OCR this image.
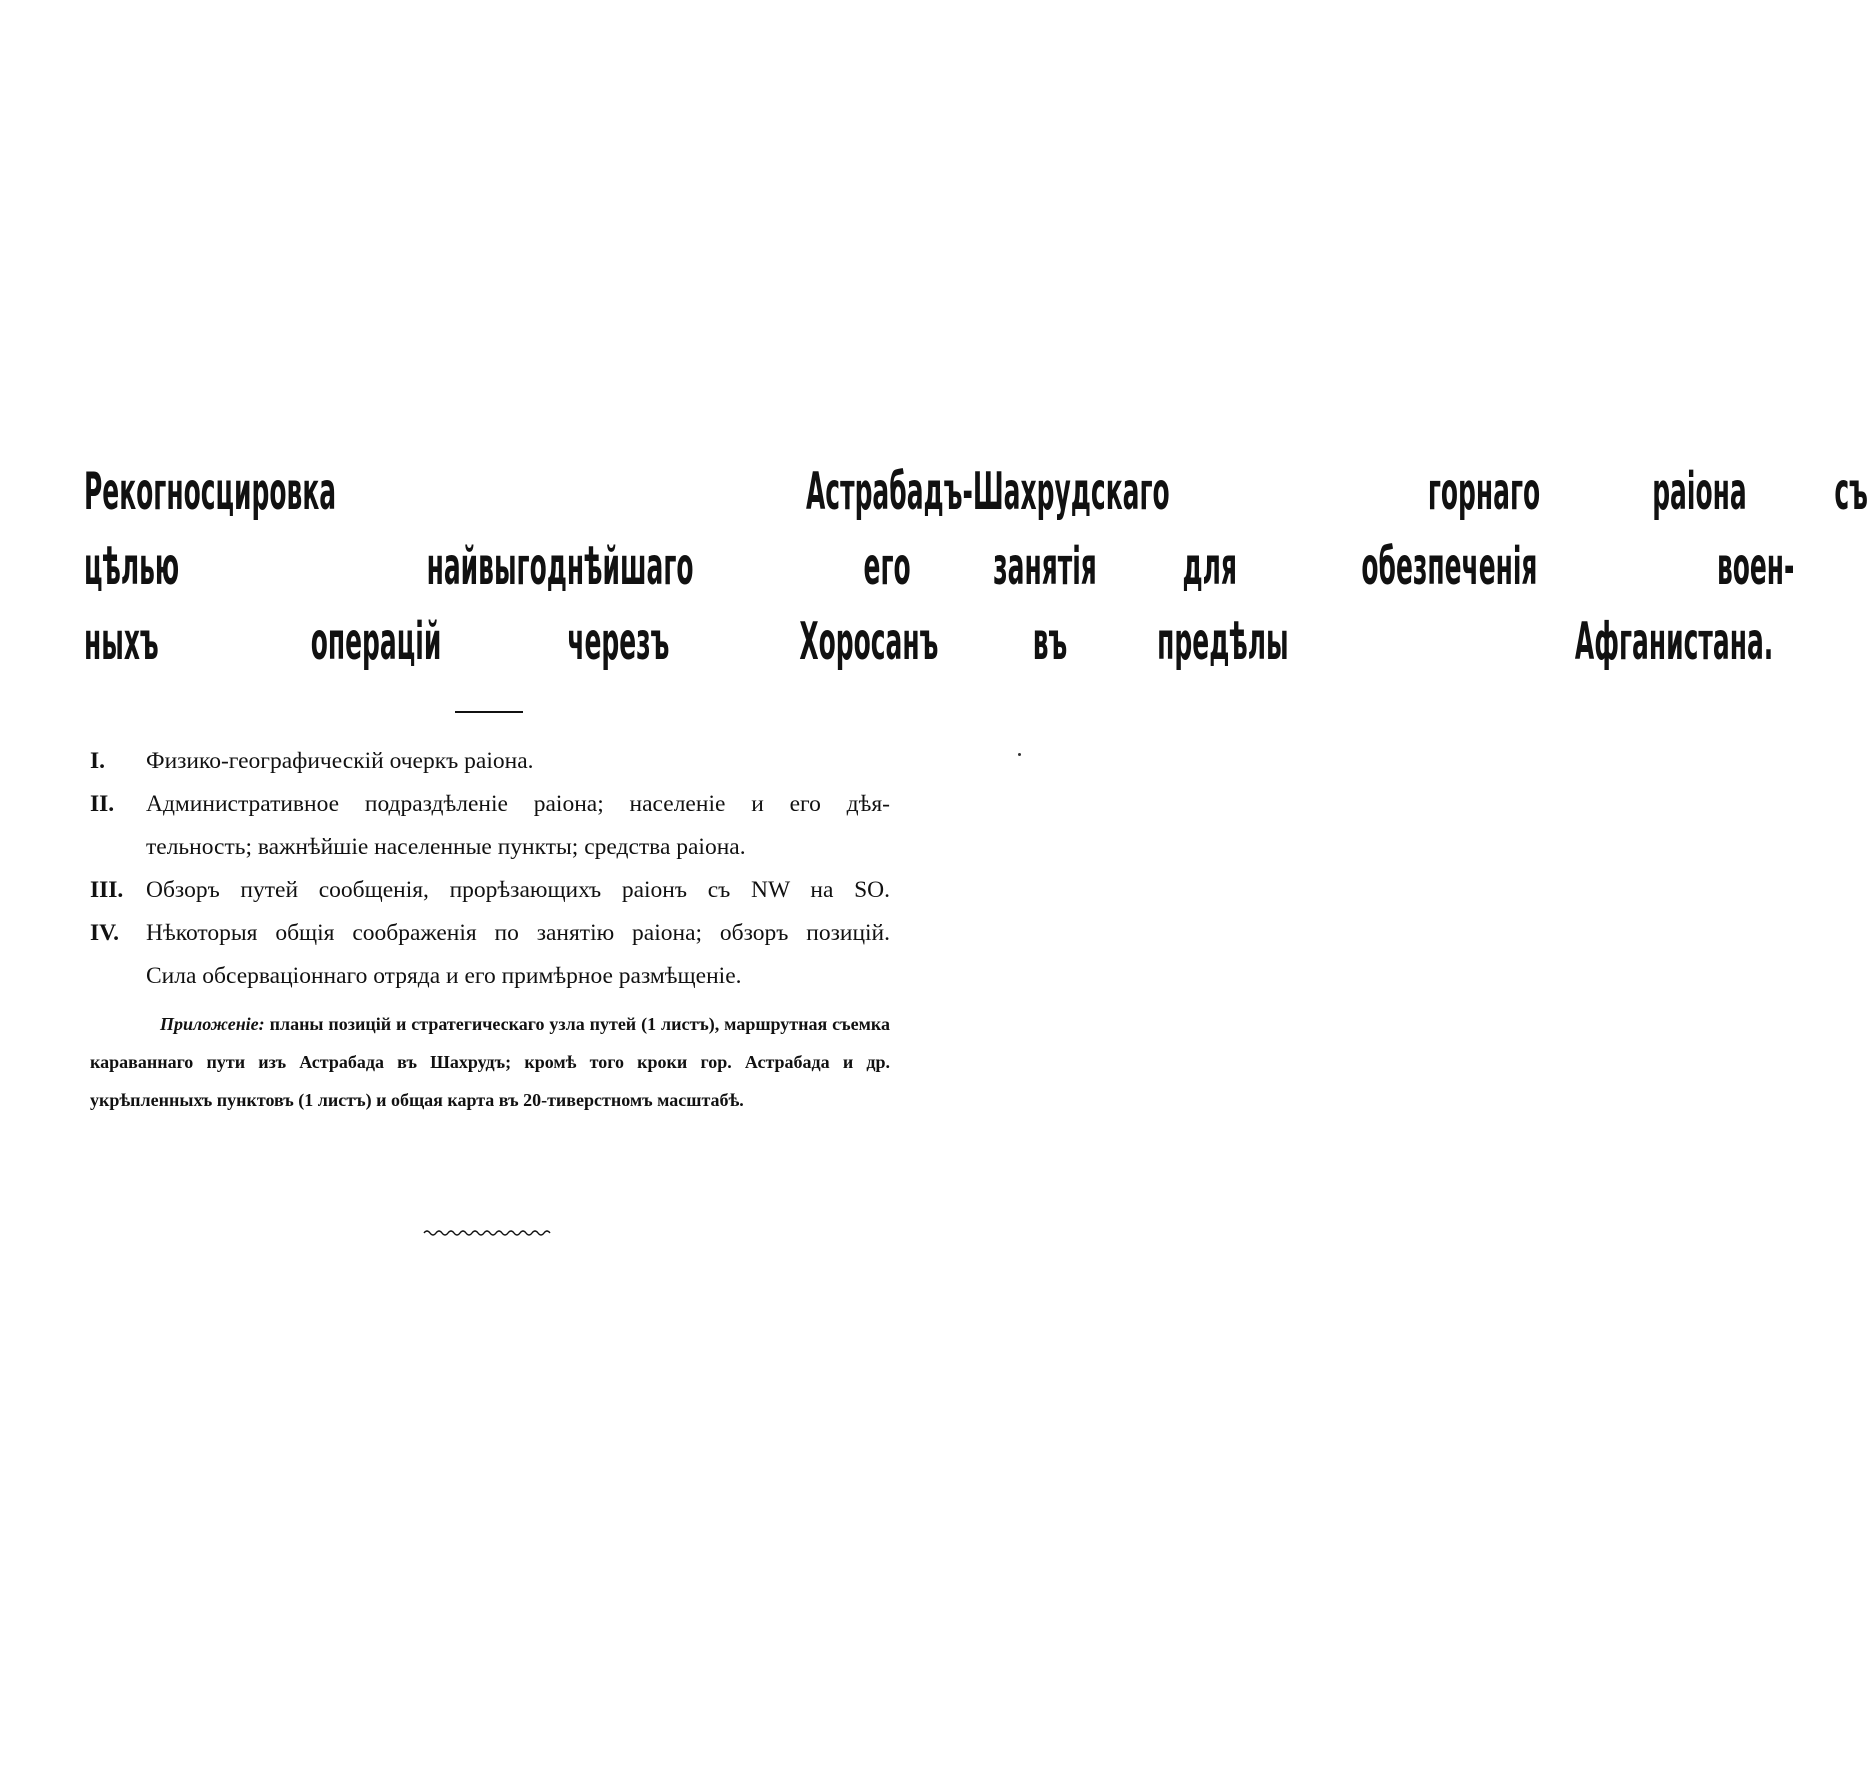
Рекогносцировка	Астрабадъ-Шахрудскаго	горнаго раіона съ
цѣлью	найвыгоднѣйшаго	его занятія для обезпеченія	воен-
ныхъ	операцій черезъ	Хоросанъ въ предѣлы	Афганистана.
I.	Физико-географическій очеркъ раіона.
II.	Административное подраздѣленіе раіона; населеніе и его дѣя-
тельность; важнѣйшіе населенные пункты; средства раіона.
III. Обзоръ путей сообщенія, прорѣзающихъ раіонъ съ NW на SO.
IV.	Нѣкоторыя общія соображенія по занятію раіона; обзоръ позицій.
Сила обсерваціоннаго отряда и его примѣрное размѣщеніе.
Приложеніе: планы позицій и стратегическаго узла путей (1 листъ), маршрутная съемка караваннаго пути изъ Астрабада въ Шахрудъ; кромѣ того кроки гор. Астрабада и др. укрѣпленныхъ пунктовъ (1 листъ) и общая карта въ 20-тиверстномъ масштабѣ.
